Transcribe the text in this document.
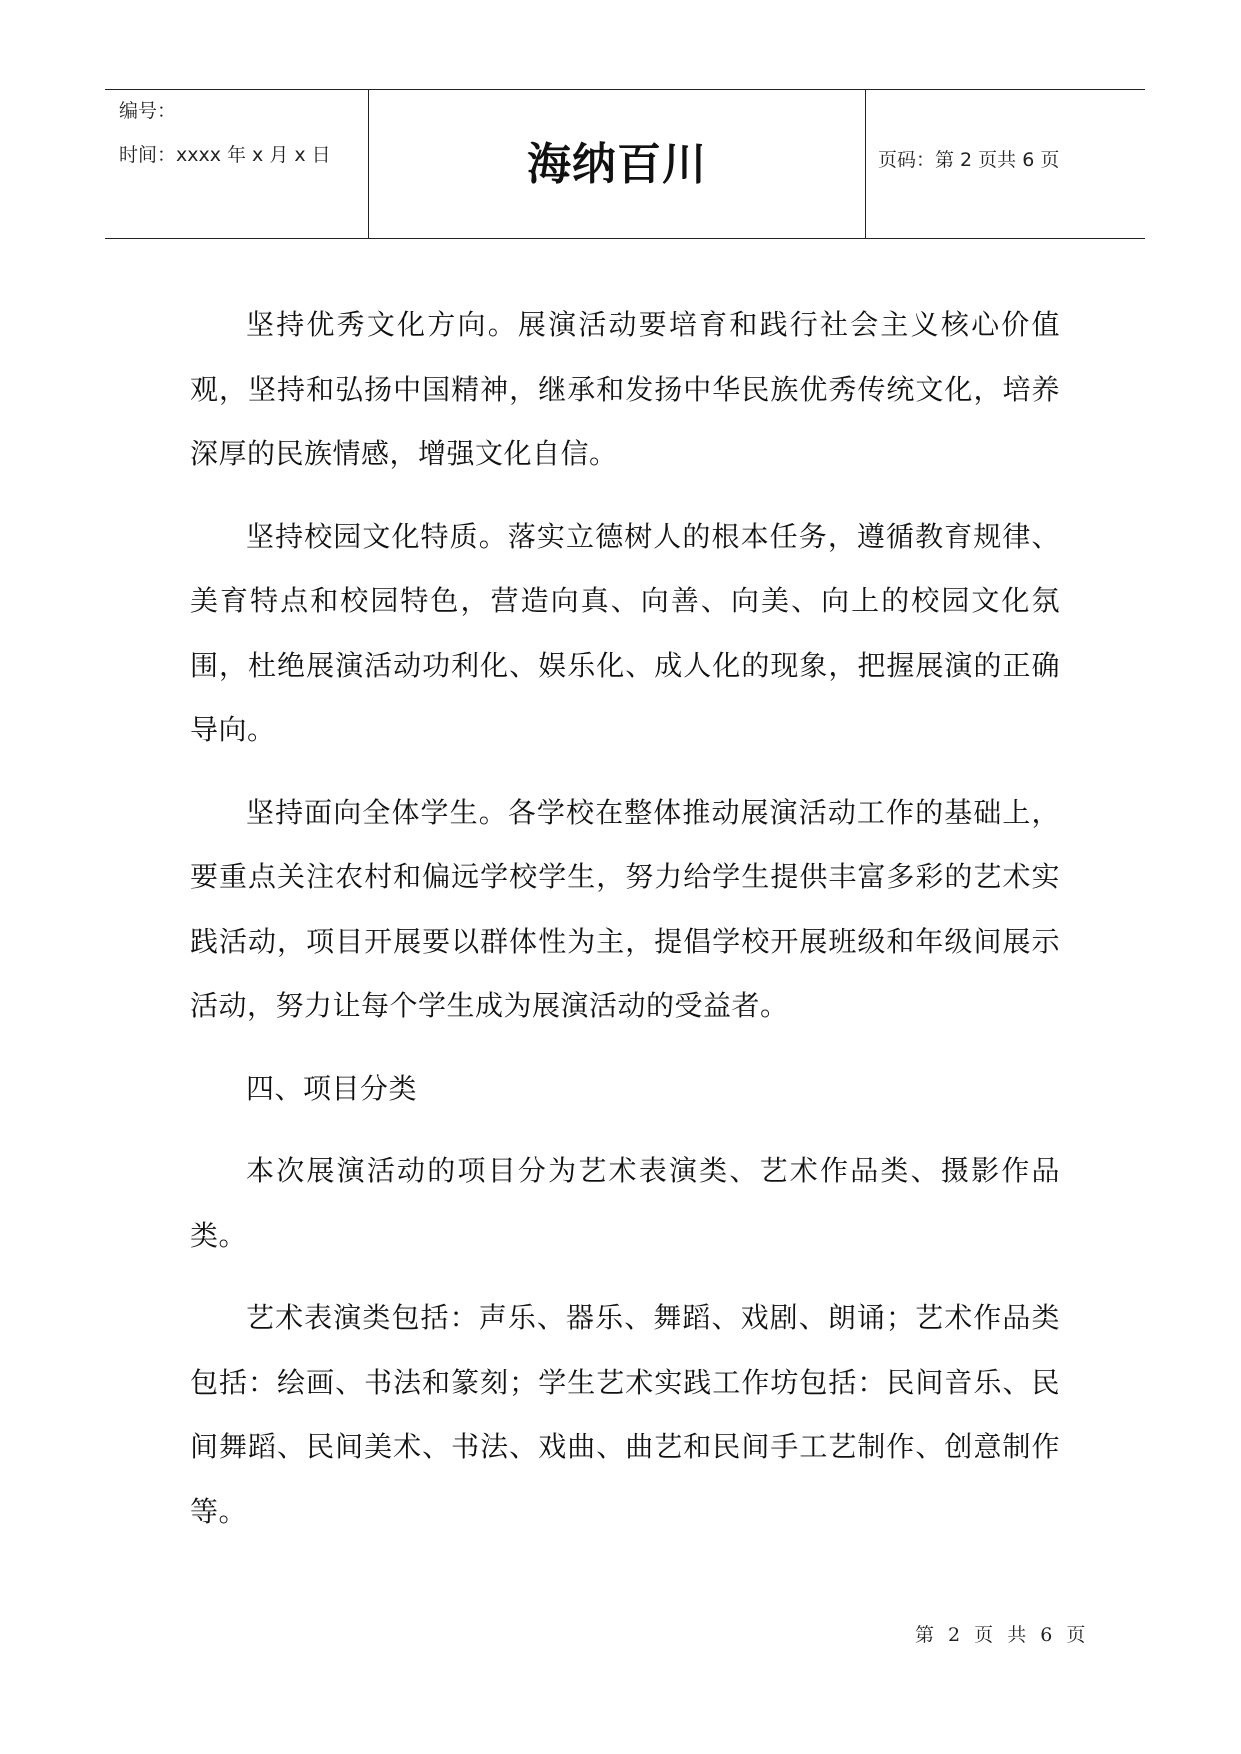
编号：
时间：xxxx 年 x 月 x 日	海纳百川	页码：第 2 页共 6 页

坚持优秀文化方向。展演活动要培育和践行社会主义核心价值观，坚持和弘扬中国精神，继承和发扬中华民族优秀传统文化，培养深厚的民族情感，增强文化自信。

坚持校园文化特质。落实立德树人的根本任务，遵循教育规律、美育特点和校园特色，营造向真、向善、向美、向上的校园文化氛围，杜绝展演活动功利化、娱乐化、成人化的现象，把握展演的正确导向。

坚持面向全体学生。各学校在整体推动展演活动工作的基础上，要重点关注农村和偏远学校学生，努力给学生提供丰富多彩的艺术实践活动，项目开展要以群体性为主，提倡学校开展班级和年级间展示活动，努力让每个学生成为展演活动的受益者。

四、项目分类

本次展演活动的项目分为艺术表演类、艺术作品类、摄影作品类。

艺术表演类包括：声乐、器乐、舞蹈、戏剧、朗诵；艺术作品类包括：绘画、书法和篆刻；学生艺术实践工作坊包括：民间音乐、民间舞蹈、民间美术、书法、戏曲、曲艺和民间手工艺制作、创意制作等。

第 2 页 共 6 页
